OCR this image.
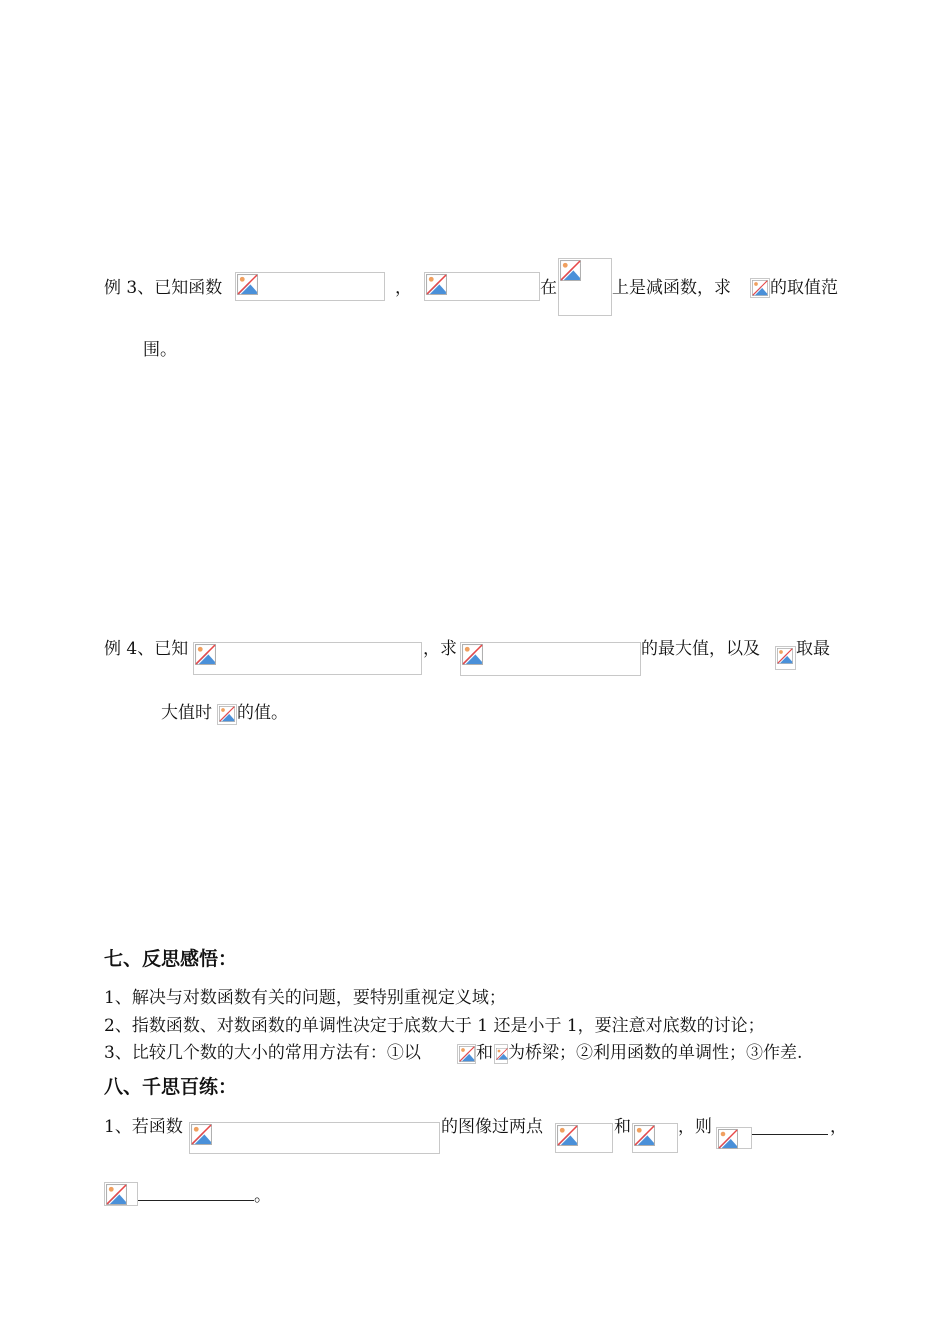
例 3、已知函数	，	在	上是减函数，求 的取值范
围。
例 4、已知	，求	的最大值，以及 取最
大值时 的值。
七、反思感悟：
1、解决与对数函数有关的问题，要特别重视定义域；
2、指数函数、对数函数的单调性决定于底数大于 1 还是小于 1，要注意对底数的讨论；
3、比较几个数的大小的常用方法有：①以	和 为桥梁；②利用函数的单调性；③作差.
八、千思百练：
1、若函数	的图像过两点	和	，则	，
。
